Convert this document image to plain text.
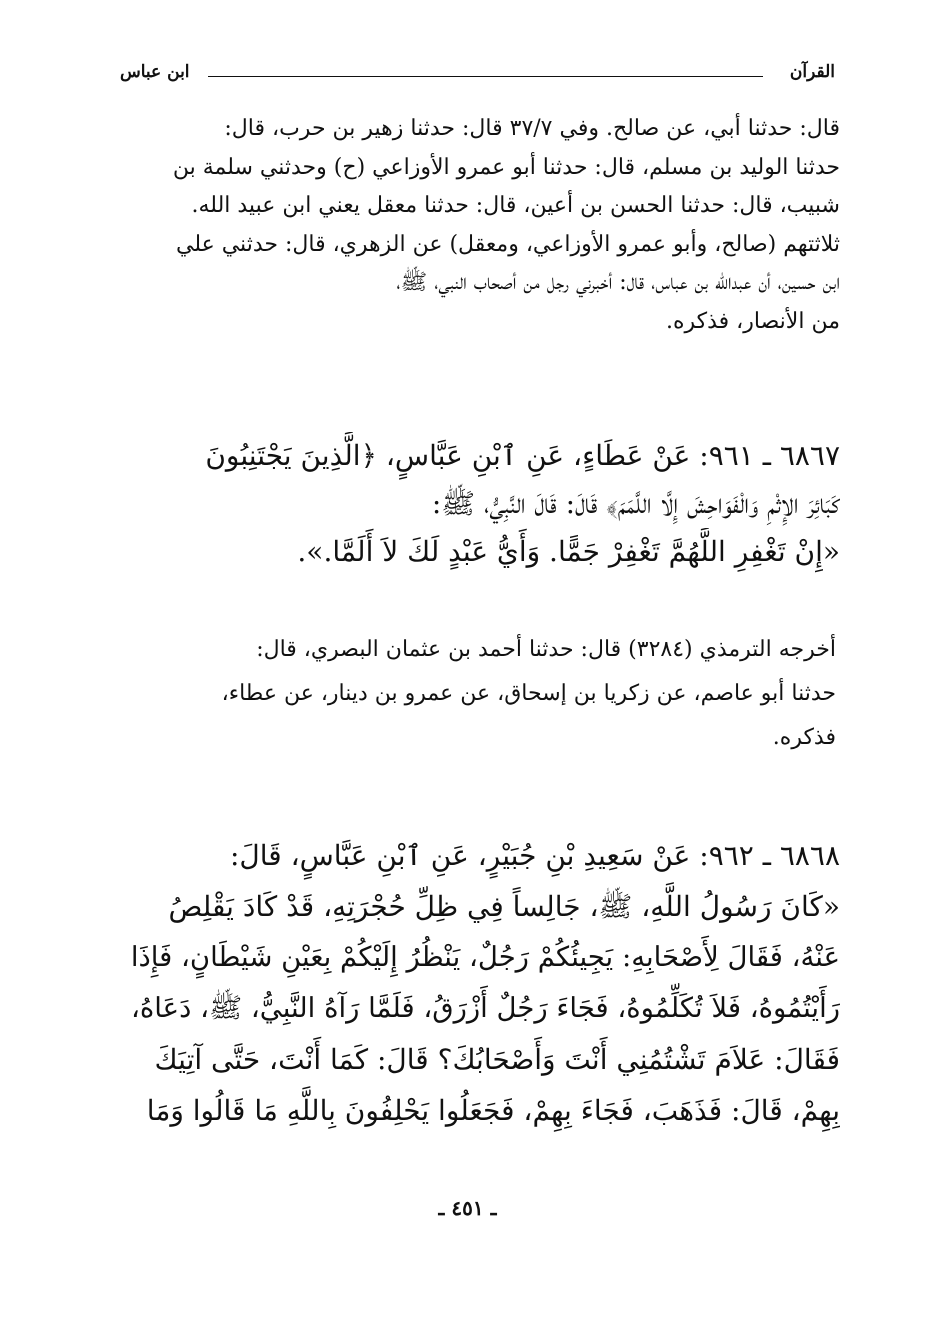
القرآن
ابن عباس
قال: حدثنا أبي، عن صالح. وفي ٣٧/٧ قال: حدثنا زهير بن حرب، قال:
حدثنا الوليد بن مسلم، قال: حدثنا أبو عمرو الأوزاعي (ح) وحدثني سلمة بن
شبيب، قال: حدثنا الحسن بن أعين، قال: حدثنا معقل يعني ابن عبيد الله.
ثلاثتهم (صالح، وأبو عمرو الأوزاعي، ومعقل) عن الزهري، قال: حدثني علي
ابن حسين، أن عبدالله بن عباس، قال: أخبرني رجل من أصحاب النبي، ﷺ،
من الأنصار، فذكره.
٦٨٦٧ ـ ٩٦١: عَنْ عَطَاءٍ، عَنِ ٱبْنِ عَبَّاسٍ، ﴿الَّذِينَ يَجْتَنِبُونَ
كَبَائِرَ الإِثْمِ وَالْفَوَاحِشَ إِلَّا اللَّمَمَ﴾ قَالَ: قَالَ النَّبِيُّ، ﷺ:
«إِنْ تَغْفِرِ اللَّهُمَّ تَغْفِرْ جَمًّا. وَأَيُّ عَبْدٍ لَكَ لاَ أَلَمَّا.».
أخرجه الترمذي (٣٢٨٤) قال: حدثنا أحمد بن عثمان البصري، قال:
حدثنا أبو عاصم، عن زكريا بن إسحاق، عن عمرو بن دينار، عن عطاء،
فذكره.
٦٨٦٨ ـ ٩٦٢: عَنْ سَعِيدِ بْنِ جُبَيْرٍ، عَنِ ٱبْنِ عَبَّاسٍ، قَالَ:
«كَانَ رَسُولُ اللَّهِ، ﷺ، جَالِساً فِي ظِلِّ حُجْرَتِهِ، قَدْ كَادَ يَقْلِصُ
عَنْهُ، فَقَالَ لِأَصْحَابِهِ: يَجِيئُكُمْ رَجُلٌ، يَنْظُرُ إِلَيْكُمْ بِعَيْنِ شَيْطَانٍ، فَإِذَا
رَأَيْتُمُوهُ، فَلاَ تُكَلِّمُوهُ، فَجَاءَ رَجُلٌ أَزْرَقُ، فَلَمَّا رَآهُ النَّبِيُّ، ﷺ، دَعَاهُ،
فَقَالَ: عَلاَمَ تَشْتُمُنِي أَنْتَ وَأَصْحَابُكَ؟ قَالَ: كَمَا أَنْتَ، حَتَّى آتِيَكَ
بِهِمْ، قَالَ: فَذَهَبَ، فَجَاءَ بِهِمْ، فَجَعَلُوا يَحْلِفُونَ بِاللَّهِ مَا قَالُوا وَمَا
ـ ٤٥١ ـ
